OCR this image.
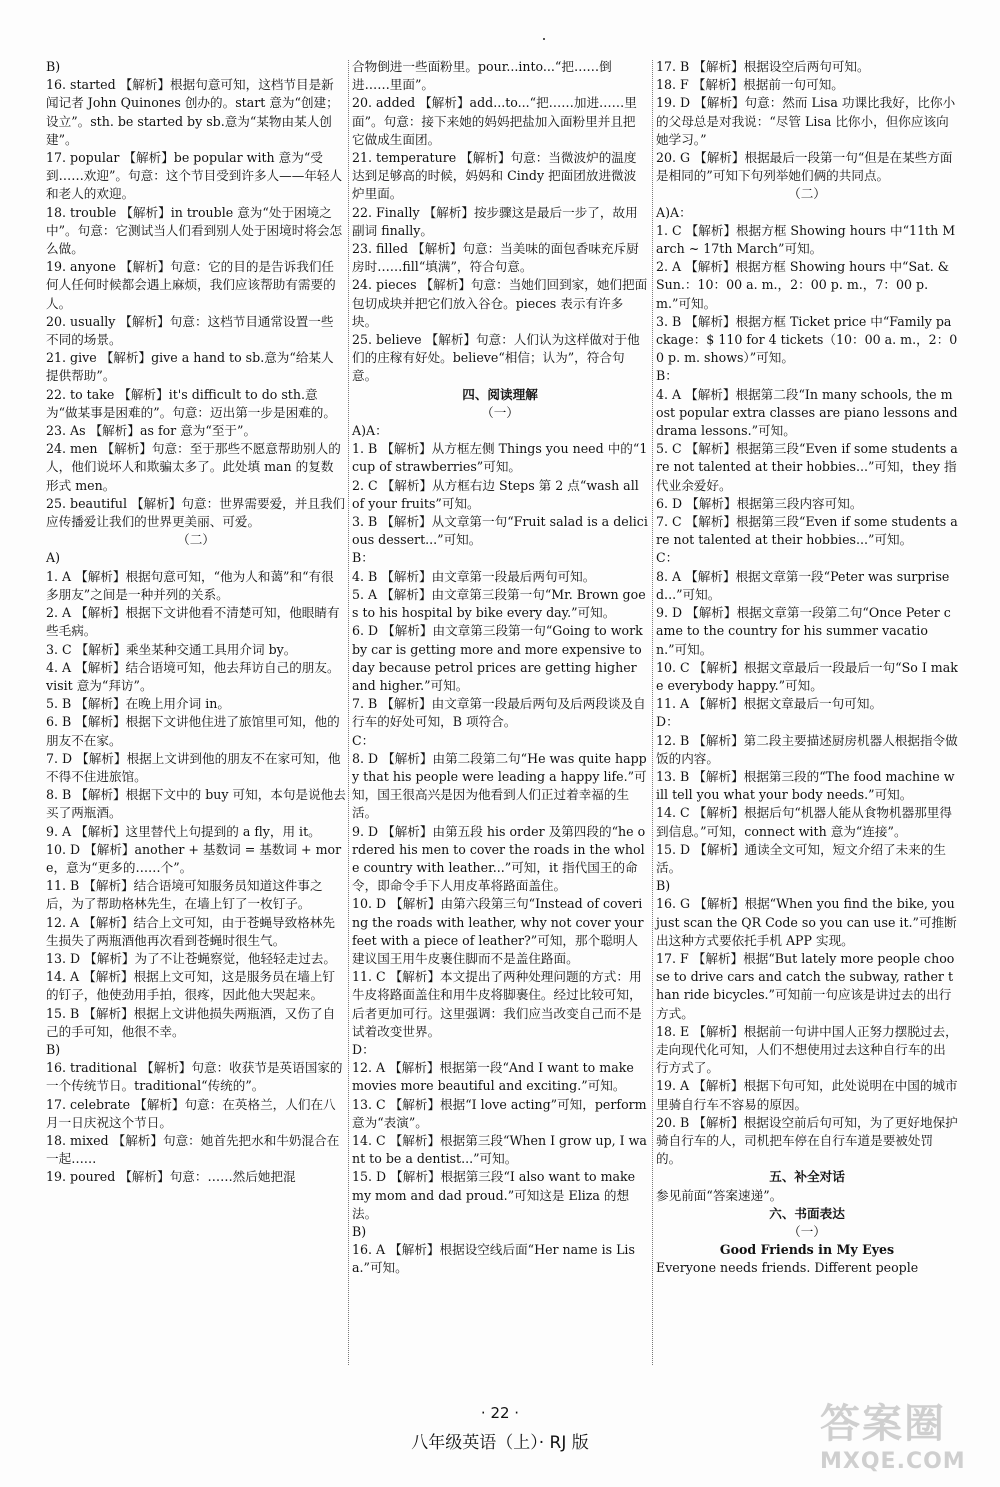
B)
16. started 【解析】根据句意可知，这档节目是新闻记者 John Quinones 创办的。start 意为“创建；设立”。sth. be started by sb.意为“某物由某人创建”。
17. popular 【解析】be popular with 意为“受到……欢迎”。句意：这个节目受到许多人——年轻人和老人的欢迎。
18. trouble 【解析】in trouble 意为“处于困境之中”。句意：它测试当人们看到别人处于困境时将会怎么做。
19. anyone 【解析】句意：它的目的是告诉我们任何人任何时候都会遇上麻烦，我们应该帮助有需要的人。
20. usually 【解析】句意：这档节目通常设置一些不同的场景。
21. give 【解析】give a hand to sb.意为“给某人提供帮助”。
22. to take 【解析】it's difficult to do sth.意为“做某事是困难的”。句意：迈出第一步是困难的。
23. As 【解析】as for 意为“至于”。
24. men 【解析】句意：至于那些不愿意帮助别人的人，他们说坏人和欺骗太多了。此处填 man 的复数形式 men。
25. beautiful 【解析】句意：世界需要爱，并且我们应传播爱让我们的世界更美丽、可爱。
（二）
A)
1. A 【解析】根据句意可知，“他为人和蔼”和“有很多朋友”之间是一种并列的关系。
2. A 【解析】根据下文讲他看不清楚可知，他眼睛有些毛病。
3. C 【解析】乘坐某种交通工具用介词 by。
4. A 【解析】结合语境可知，他去拜访自己的朋友。visit 意为“拜访”。
5. B 【解析】在晚上用介词 in。
6. B 【解析】根据下文讲他住进了旅馆里可知，他的朋友不在家。
7. D 【解析】根据上文讲到他的朋友不在家可知，他不得不住进旅馆。
8. B 【解析】根据下文中的 buy 可知，本句是说他去买了两瓶酒。
9. A 【解析】这里替代上句提到的 a fly，用 it。
10. D 【解析】another + 基数词 = 基数词 + more，意为“更多的……个”。
11. B 【解析】结合语境可知服务员知道这件事之后，为了帮助格林先生，在墙上钉了一枚钉子。
12. A 【解析】结合上文可知，由于苍蝇导致格林先生损失了两瓶酒他再次看到苍蝇时很生气。
13. D 【解析】为了不让苍蝇察觉，他轻轻走过去。
14. A 【解析】根据上文可知，这是服务员在墙上钉的钉子，他使劲用手拍，很疼，因此他大哭起来。
15. B 【解析】根据上文讲他损失两瓶酒，又伤了自己的手可知，他很不幸。
B)
16. traditional 【解析】句意：收获节是英语国家的一个传统节日。traditional“传统的”。
17. celebrate 【解析】句意：在英格兰，人们在八月一日庆祝这个节日。
18. mixed 【解析】句意：她首先把水和牛奶混合在一起……
19. poured 【解析】句意：……然后她把混
合物倒进一些面粉里。pour...into...“把……倒进……里面”。
20. added 【解析】add...to...“把……加进……里面”。句意：接下来她的妈妈把盐加入面粉里并且把它做成生面团。
21. temperature 【解析】句意：当微波炉的温度达到足够高的时候，妈妈和 Cindy 把面团放进微波炉里面。
22. Finally 【解析】按步骤这是最后一步了，故用副词 finally。
23. filled 【解析】句意：当美味的面包香味充斥厨房时……fill“填满”，符合句意。
24. pieces 【解析】句意：当她们回到家，她们把面包切成块并把它们放入谷仓。pieces 表示有许多块。
25. believe 【解析】句意：人们认为这样做对于他们的庄稼有好处。believe“相信；认为”，符合句意。
四、阅读理解
（一）
A)A：
1. B 【解析】从方框左侧 Things you need 中的“1 cup of strawberries”可知。
2. C 【解析】从方框右边 Steps 第 2 点“wash all of your fruits”可知。
3. B 【解析】从文章第一句“Fruit salad is a delicious dessert...”可知。
B：
4. B 【解析】由文章第一段最后两句可知。
5. A 【解析】由文章第三段第一句“Mr. Brown goes to his hospital by bike every day.”可知。
6. D 【解析】由文章第三段第一句“Going to work by car is getting more and more expensive today because petrol prices are getting higher and higher.”可知。
7. B 【解析】由文章第一段最后两句及后两段谈及自行车的好处可知，B 项符合。
C：
8. D 【解析】由第二段第二句“He was quite happy that his people were leading a happy life.”可知，国王很高兴是因为他看到人们正过着幸福的生活。
9. D 【解析】由第五段 his order 及第四段的“he ordered his men to cover the roads in the whole country with leather...”可知，it 指代国王的命令，即命令手下人用皮革将路面盖住。
10. D 【解析】由第六段第三句“Instead of covering the roads with leather, why not cover your feet with a piece of leather?”可知，那个聪明人建议国王用牛皮裹住脚而不是盖住路面。
11. C 【解析】本文提出了两种处理问题的方式：用牛皮将路面盖住和用牛皮将脚裹住。经过比较可知，后者更加可行。这里强调：我们应当改变自己而不是试着改变世界。
D：
12. A 【解析】根据第一段“And I want to make movies more beautiful and exciting.”可知。
13. C 【解析】根据“I love acting”可知，perform 意为“表演”。
14. C 【解析】根据第三段“When I grow up, I want to be a dentist...”可知。
15. D 【解析】根据第三段“I also want to make my mom and dad proud.”可知这是 Eliza 的想法。
B)
16. A 【解析】根据设空线后面“Her name is Lisa.”可知。
17. B 【解析】根据设空后两句可知。
18. F 【解析】根据前一句可知。
19. D 【解析】句意：然而 Lisa 功课比我好，比你小的父母总是对我说：“尽管 Lisa 比你小，但你应该向她学习。”
20. G 【解析】根据最后一段第一句“但是在某些方面是相同的”可知下句列举她们俩的共同点。
（二）
A)A：
1. C 【解析】根据方框 Showing hours 中“11th March ~ 17th March”可知。
2. A 【解析】根据方框 Showing hours 中“Sat. & Sun.：10：00 a. m.，2：00 p. m.，7：00 p. m.”可知。
3. B 【解析】根据方框 Ticket price 中“Family package：$ 110 for 4 tickets（10：00 a. m.，2：00 p. m. shows）”可知。
B：
4. A 【解析】根据第二段“In many schools, the most popular extra classes are piano lessons and drama lessons.”可知。
5. C 【解析】根据第三段“Even if some students are not talented at their hobbies...”可知，they 指代业余爱好。
6. D 【解析】根据第三段内容可知。
7. C 【解析】根据第三段“Even if some students are not talented at their hobbies...”可知。
C：
8. A 【解析】根据文章第一段“Peter was surprised...”可知。
9. D 【解析】根据文章第一段第二句“Once Peter came to the country for his summer vacation.”可知。
10. C 【解析】根据文章最后一段最后一句“So I make everybody happy.”可知。
11. A 【解析】根据文章最后一句可知。
D：
12. B 【解析】第二段主要描述厨房机器人根据指令做饭的内容。
13. B 【解析】根据第三段的“The food machine will tell you what your body needs.”可知。
14. C 【解析】根据后句“机器人能从食物机器那里得到信息。”可知，connect with 意为“连接”。
15. D 【解析】通读全文可知，短文介绍了未来的生活。
B)
16. G 【解析】根据“When you find the bike, you just scan the QR Code so you can use it.”可推断出这种方式要依托手机 APP 实现。
17. F 【解析】根据“But lately more people choose to drive cars and catch the subway, rather than ride bicycles.”可知前一句应该是讲过去的出行方式。
18. E 【解析】根据前一句讲中国人正努力摆脱过去，走向现代化可知，人们不想使用过去这种自行车的出行方式了。
19. A 【解析】根据下句可知，此处说明在中国的城市里骑自行车不容易的原因。
20. B 【解析】根据设空前后句可知，为了更好地保护骑自行车的人，司机把车停在自行车道是要被处罚的。
五、补全对话
参见前面“答案速递”。
六、书面表达
（一）
Good Friends in My Eyes
Everyone needs friends. Different people
· 22 ·
八年级英语（上）· RJ 版	答案圈
MXQE.COM
